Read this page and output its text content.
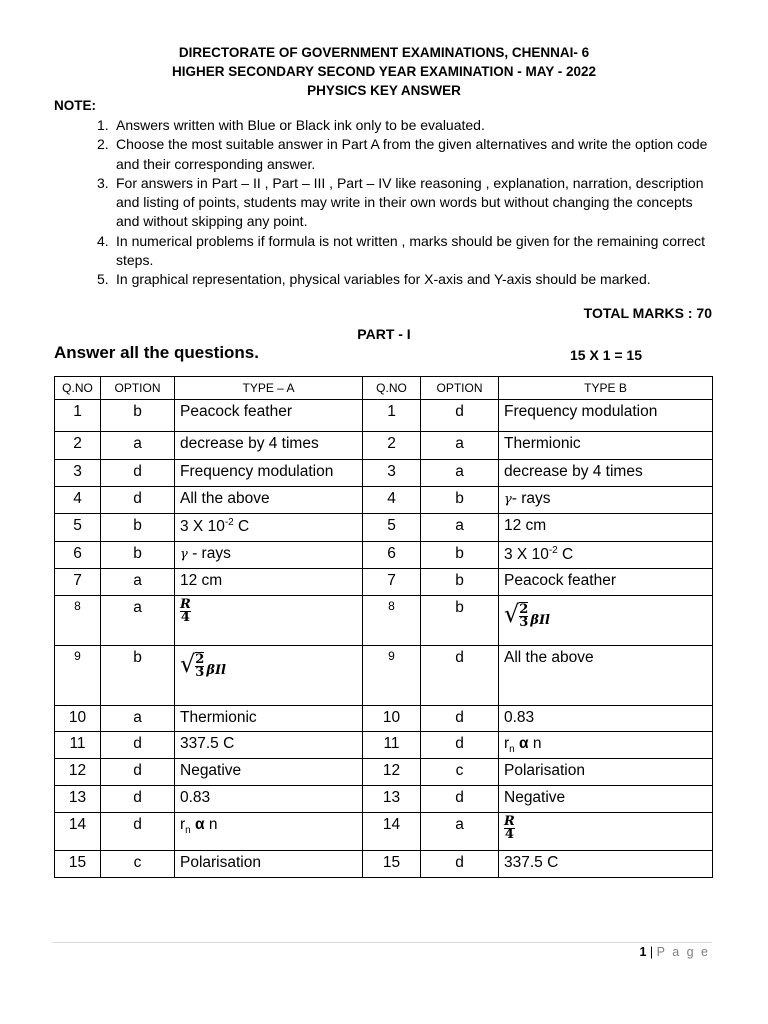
DIRECTORATE OF GOVERNMENT EXAMINATIONS, CHENNAI- 6
HIGHER SECONDARY SECOND YEAR EXAMINATION - MAY - 2022
PHYSICS KEY ANSWER
NOTE:
1. Answers written with Blue or Black ink only to be evaluated.
2. Choose the most suitable answer in Part A from the given alternatives and write the option code and their corresponding answer.
3. For answers in Part – II , Part – III , Part – IV like reasoning , explanation, narration, description and listing of points, students may write in their own words but without changing the concepts and without skipping any point.
4. In numerical problems if formula is not written , marks should be given for the remaining correct steps.
5. In graphical representation, physical variables for X-axis and Y-axis should be marked.
TOTAL MARKS : 70
PART - I
Answer all the questions.	15 X 1 = 15
Q.NO	OPTION	TYPE – A	Q.NO	OPTION	TYPE B
1	b	Peacock feather	1	d	Frequency modulation
2	a	decrease by 4 times	2	a	Thermionic
3	d	Frequency modulation	3	a	decrease by 4 times
4	d	All the above	4	b	γ- rays
5	b	3 X $10^{-2}$ C	5	a	12 cm
6	b	γ - rays	6	b	3 X $10^{-2}$ C
7	a	12 cm	7	b	Peacock feather
8	a	$\frac{R}{4}$	8	b	√ 2
3 βIl

9	b	√ 2
3 βIl	9	d	All the above
10	a	Thermionic	10	d	0.83
11	d	337.5 C	11	d	$r_n$ α n
12	d	Negative	12	c	Polarisation
13	d	0.83	13	d	Negative
14	d	$r_n$ α n	14	a	$\frac{R}{4}$

15	c	Polarisation	15	d	337.5 C
1 | P a g e
